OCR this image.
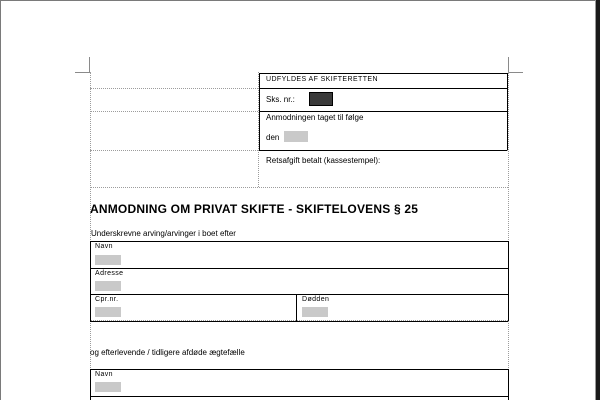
UDFYLDES AF SKIFTERETTEN
Sks. nr.:
Anmodningen taget til følge
den
Retsafgift betalt (kassestempel):
ANMODNING OM PRIVAT SKIFTE - SKIFTELOVENS § 25
Underskrevne arving/arvinger i boet efter
Navn
Adresse
Cpr.nr.	Dødden
og efterlevende / tidligere afdøde ægtefælle
Navn
